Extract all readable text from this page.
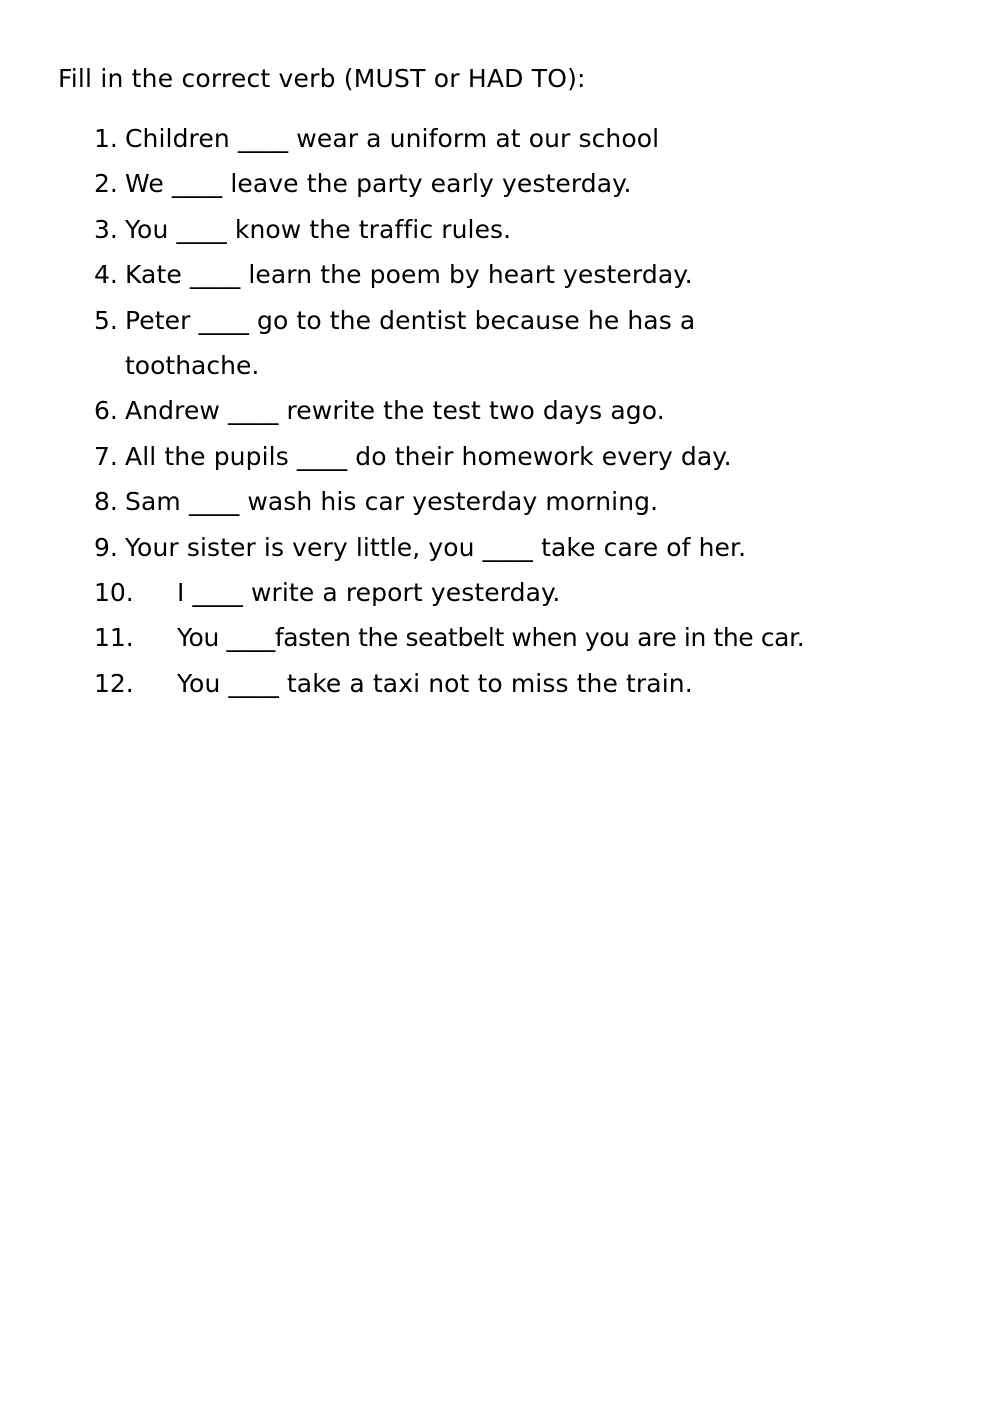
Fill in the correct verb (MUST or HAD TO):
1. Children ____ wear a uniform at our school
2. We ____ leave the party early yesterday.
3. You ____ know the traffic rules.
4. Kate ____ learn the poem by heart yesterday.
5. Peter ____ go to the dentist because he has a
toothache.
6. Andrew ____ rewrite the test two days ago.
7. All the pupils ____ do their homework every day.
8. Sam ____ wash his car yesterday morning.
9. Your sister is very little, you ____ take care of her.
10. I ____ write a report yesterday.
11. You ____fasten the seatbelt when you are in the car.
12. You ____ take a taxi not to miss the train.
